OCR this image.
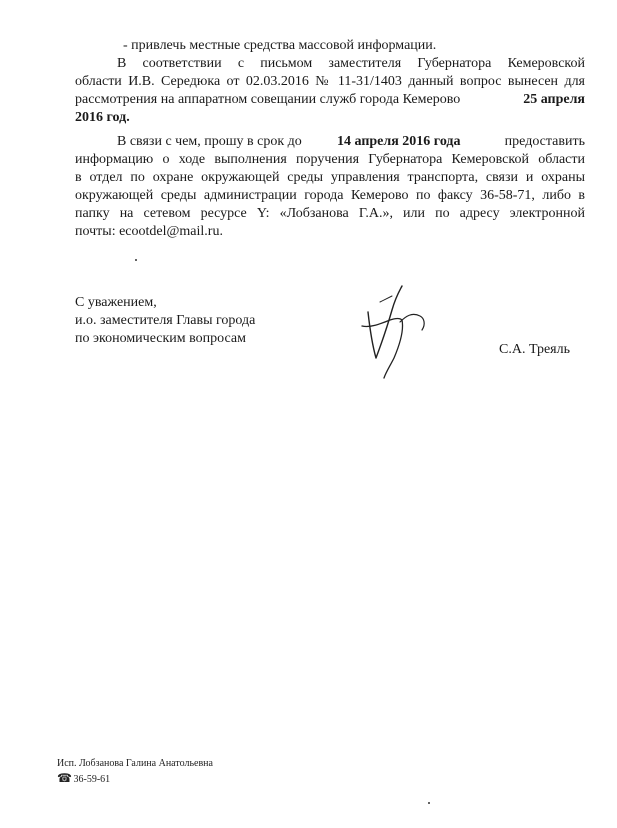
- привлечь местные средства массовой информации.
В соответствии с письмом заместителя Губернатора Кемеровской
области И.В. Середюка от 02.03.2016 № 11-31/1403 данный вопрос вынесен для
рассмотрения на аппаратном совещании служб города Кемерово	25 апреля
2016 год.
В связи с чем, прошу в срок до	14 апреля 2016 года	предоставить
информацию о ходе выполнения поручения Губернатора Кемеровской области
в отдел по охране окружающей среды управления транспорта, связи и охраны
окружающей среды администрации города Кемерово по факсу 36-58-71, либо в
папку на сетевом ресурсе Y: «Лобзанова Г.А.», или по адресу электронной
почты: ecootdel@mail.ru.
С уважением,
и.о. заместителя Главы города
по экономическим вопросам
С.А. Треяль
Исп. Лобзанова Галина Анатольевна
☎ 36-59-61
